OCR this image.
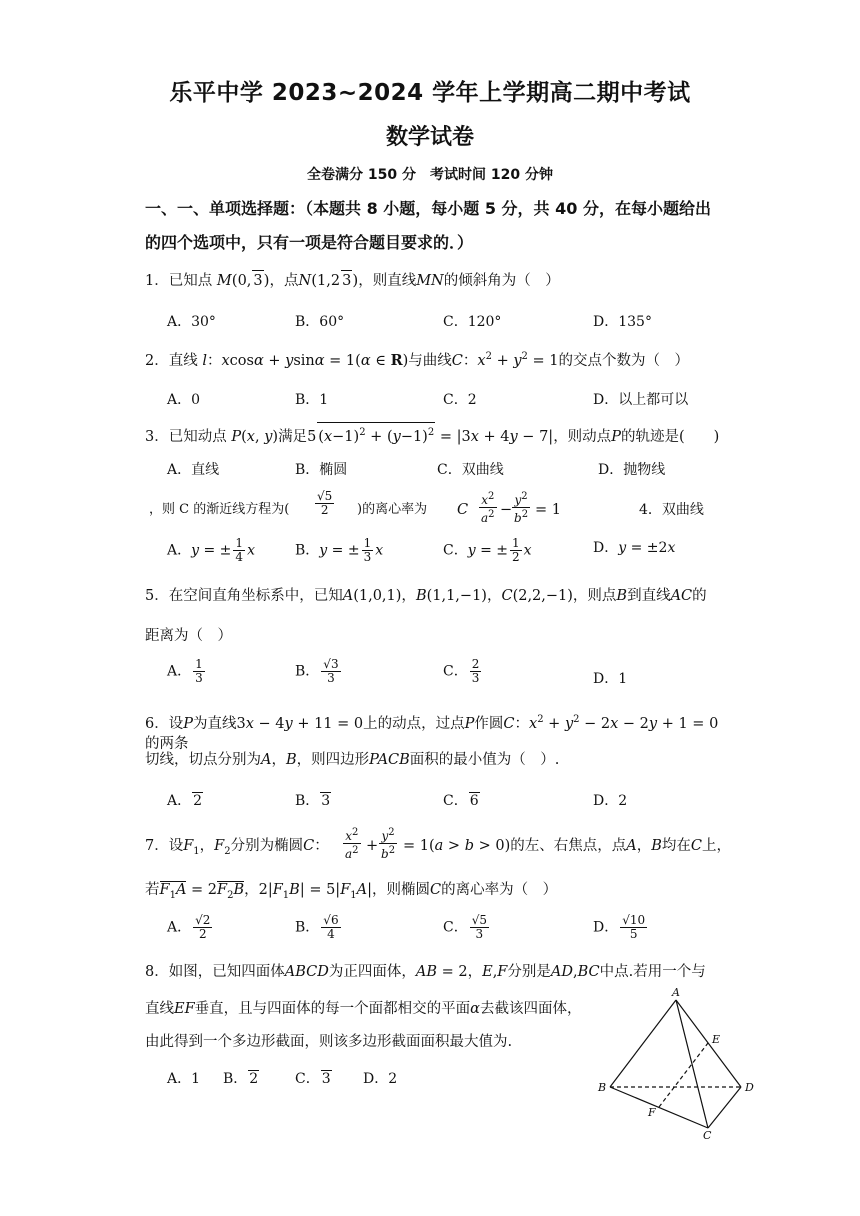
乐平中学 2023~2024 学年上学期高二期中考试
数学试卷
全卷满分 150 分　考试时间 120 分钟
一、一、单项选择题：（本题共 8 小题，每小题 5 分，共 40 分，在每小题给出的四个选项中，只有一项是符合题目要求的．）
1．已知点 M(0, 3)，点N(1,2 3)，则直线MN的倾斜角为（　）
A．30°	B．60°	C．120°	D．135°
2．直线 l：xcosα + ysinα = 1(α ∈ R)与曲线C：$x^2 + y^2 = 1$的交点个数为（　）
A．0	B．1	C．2	D．以上都可以
3．已知动点 P(x, y)满足5 $(x-1)^2 + (y-1)^2 = |3x + 4y - 7|$，则动点P的轨迹是(　　)
A．直线	B．椭圆	C．双曲线	D．抛物线
，则 C 的渐近线方程为( $\frac{√5}{2}$ )的离心率为 C $\frac{x^2}{a^2} - \frac{y^2}{b^2} = 1$	4．双曲线
A．y = ± $\frac{1}{4}$ x	B．y = ± $\frac{1}{3}$ x	C．y = ± $\frac{1}{2}$ x	D．y = ±2x
5．在空间直角坐标系中，已知A(1,0,1)，B(1,1,−1)，C(2,2,−1)，则点B到直线AC的
距离为（　）
A． $\frac{1}{3}$	B． $\frac{√3}{3}$	C． $\frac{2}{3}$	D．1
6．设P为直线3x − 4y + 11 = 0上的动点，过点P作圆C：$x^2 + y^2 - 2x - 2y + 1 = 0$的两条
切线，切点分别为A，B，则四边形PACB面积的最小值为（　）.
A． 2	B． 3	C． 6	D．2
7．设$F_1$，$F_2$分别为椭圆C： $\frac{x^2}{a^2} + \frac{y^2}{b^2} = 1(a > b > 0)$的左、右焦点，点A，B均在C上，
若$F_1A = 2F_2B$，$2|F_1B| = 5|F_1A|$，则椭圆C的离心率为（　）
A． $\frac{√2}{2}$	B． $\frac{√6}{4}$	C． $\frac{√5}{3}$	D． $\frac{√10}{5}$
8．如图，已知四面体ABCD为正四面体，AB = 2，E,F分别是AD,BC中点.若用一个与
直线EF垂直，且与四面体的每一个面都相交的平面α去截该四面体，
由此得到一个多边形截面，则该多边形截面面积最大值为.
A．1 B． 2	C． 3 D．2
A
B
C
D
E
F
